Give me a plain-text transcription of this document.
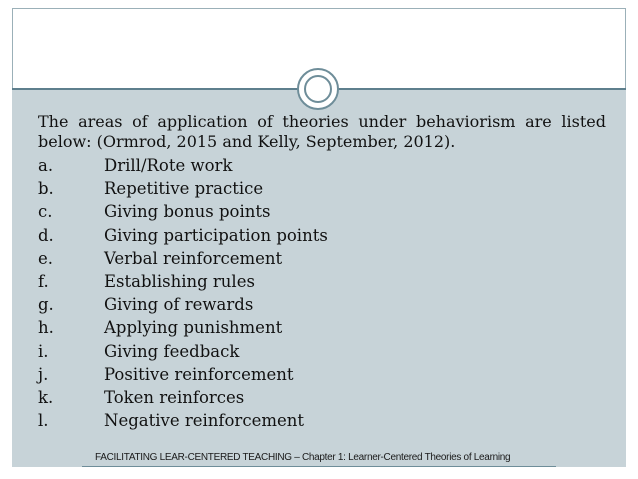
The areas of application of theories under behaviorism are listed below: (Ormrod, 2015 and Kelly, September, 2012).
a.	Drill/Rote work
b.	Repetitive practice
c.	Giving bonus points
d.	Giving participation points
e.	Verbal reinforcement
f.	Establishing rules
g.	Giving of rewards
h.	Applying punishment
i.	Giving feedback
j.	Positive reinforcement
k.	Token reinforces
l.	Negative reinforcement
FACILITATING LEAR-CENTERED TEACHING – Chapter 1: Learner-Centered Theories of Learning
